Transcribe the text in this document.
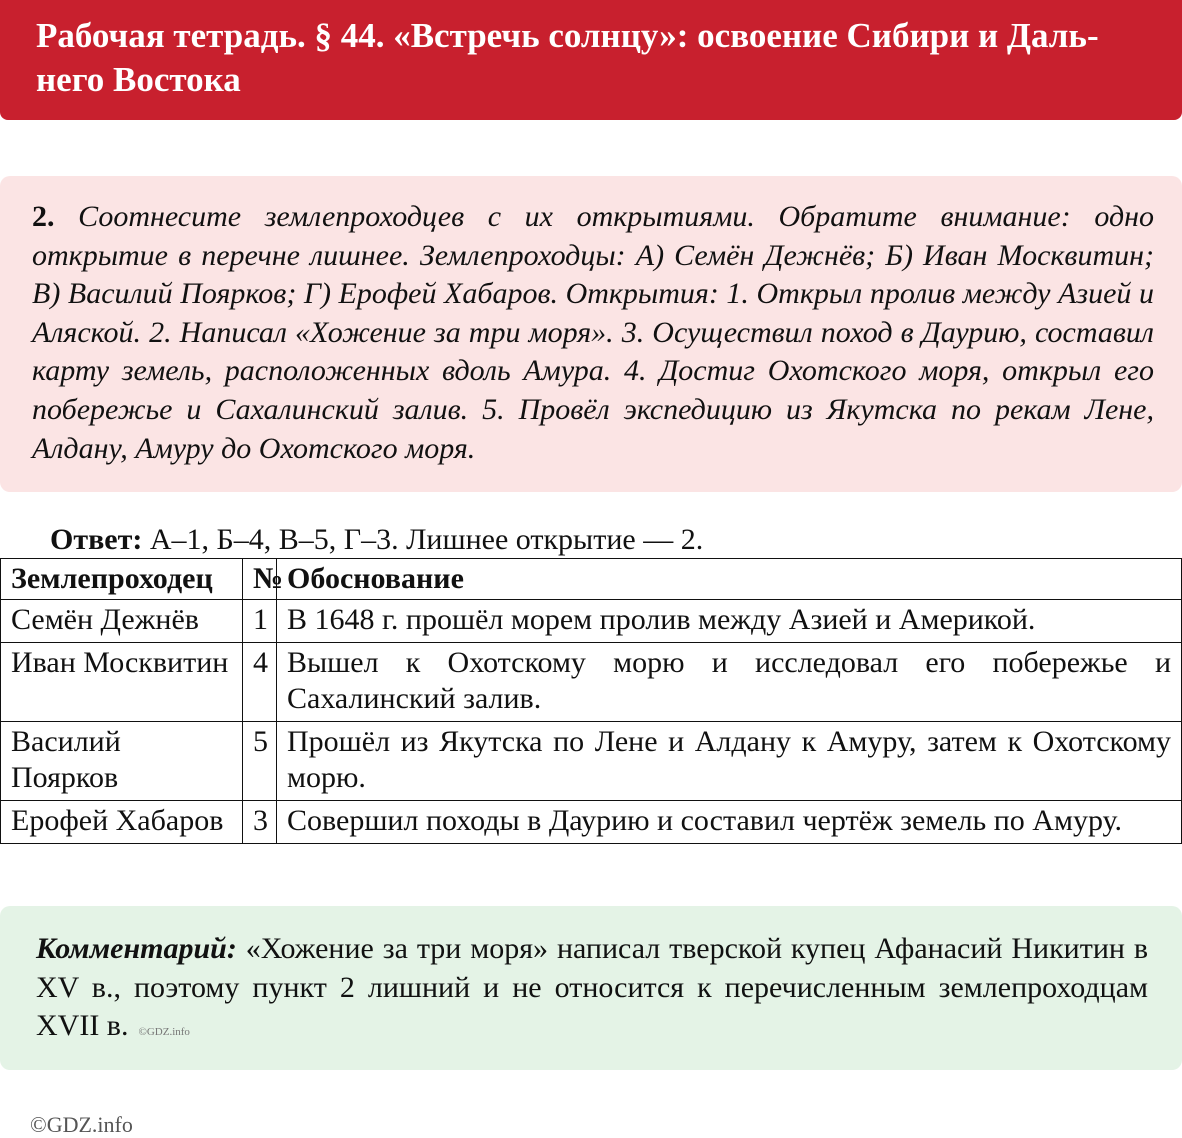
Рабочая тетрадь. § 44. «Встречь солнцу»: освоение Сибири и Даль-
него Востока

2. Соотнесите землепроходцев с их открытиями. Обратите внимание: одно открытие в перечне лишнее. Землепроходцы: А) Семён Дежнёв; Б) Иван Москвитин; В) Василий Поярков; Г) Ерофей Хабаров. Открытия: 1. Открыл пролив между Азией и Аляской. 2. Написал «Хожение за три моря». 3. Осуществил поход в Даурию, составил карту земель, расположенных вдоль Амура. 4. Достиг Охотского моря, открыл его побережье и Сахалинский залив. 5. Провёл экспедицию из Якутска по рекам Лене, Алдану, Амуру до Охотского моря.

Ответ: А–1, Б–4, В–5, Г–3. Лишнее открытие — 2.

Землепроходец	№	Обоснование
Семён Дежнёв	1	В 1648 г. прошёл морем пролив между Азией и Америкой.
Иван Москвитин	4	Вышел к Охотскому морю и исследовал его побережье и Сахалинский залив.
Василий Поярков	5	Прошёл из Якутска по Лене и Алдану к Амуру, затем к Охотскому морю.
Ерофей Хабаров	3	Совершил походы в Даурию и составил чертёж земель по Амуру.

Комментарий: «Хожение за три моря» написал тверской купец Афанасий Никитин в XV в., поэтому пункт 2 лишний и не относится к перечисленным землепроходцам XVII в. ©GDZ.info

©GDZ.info
